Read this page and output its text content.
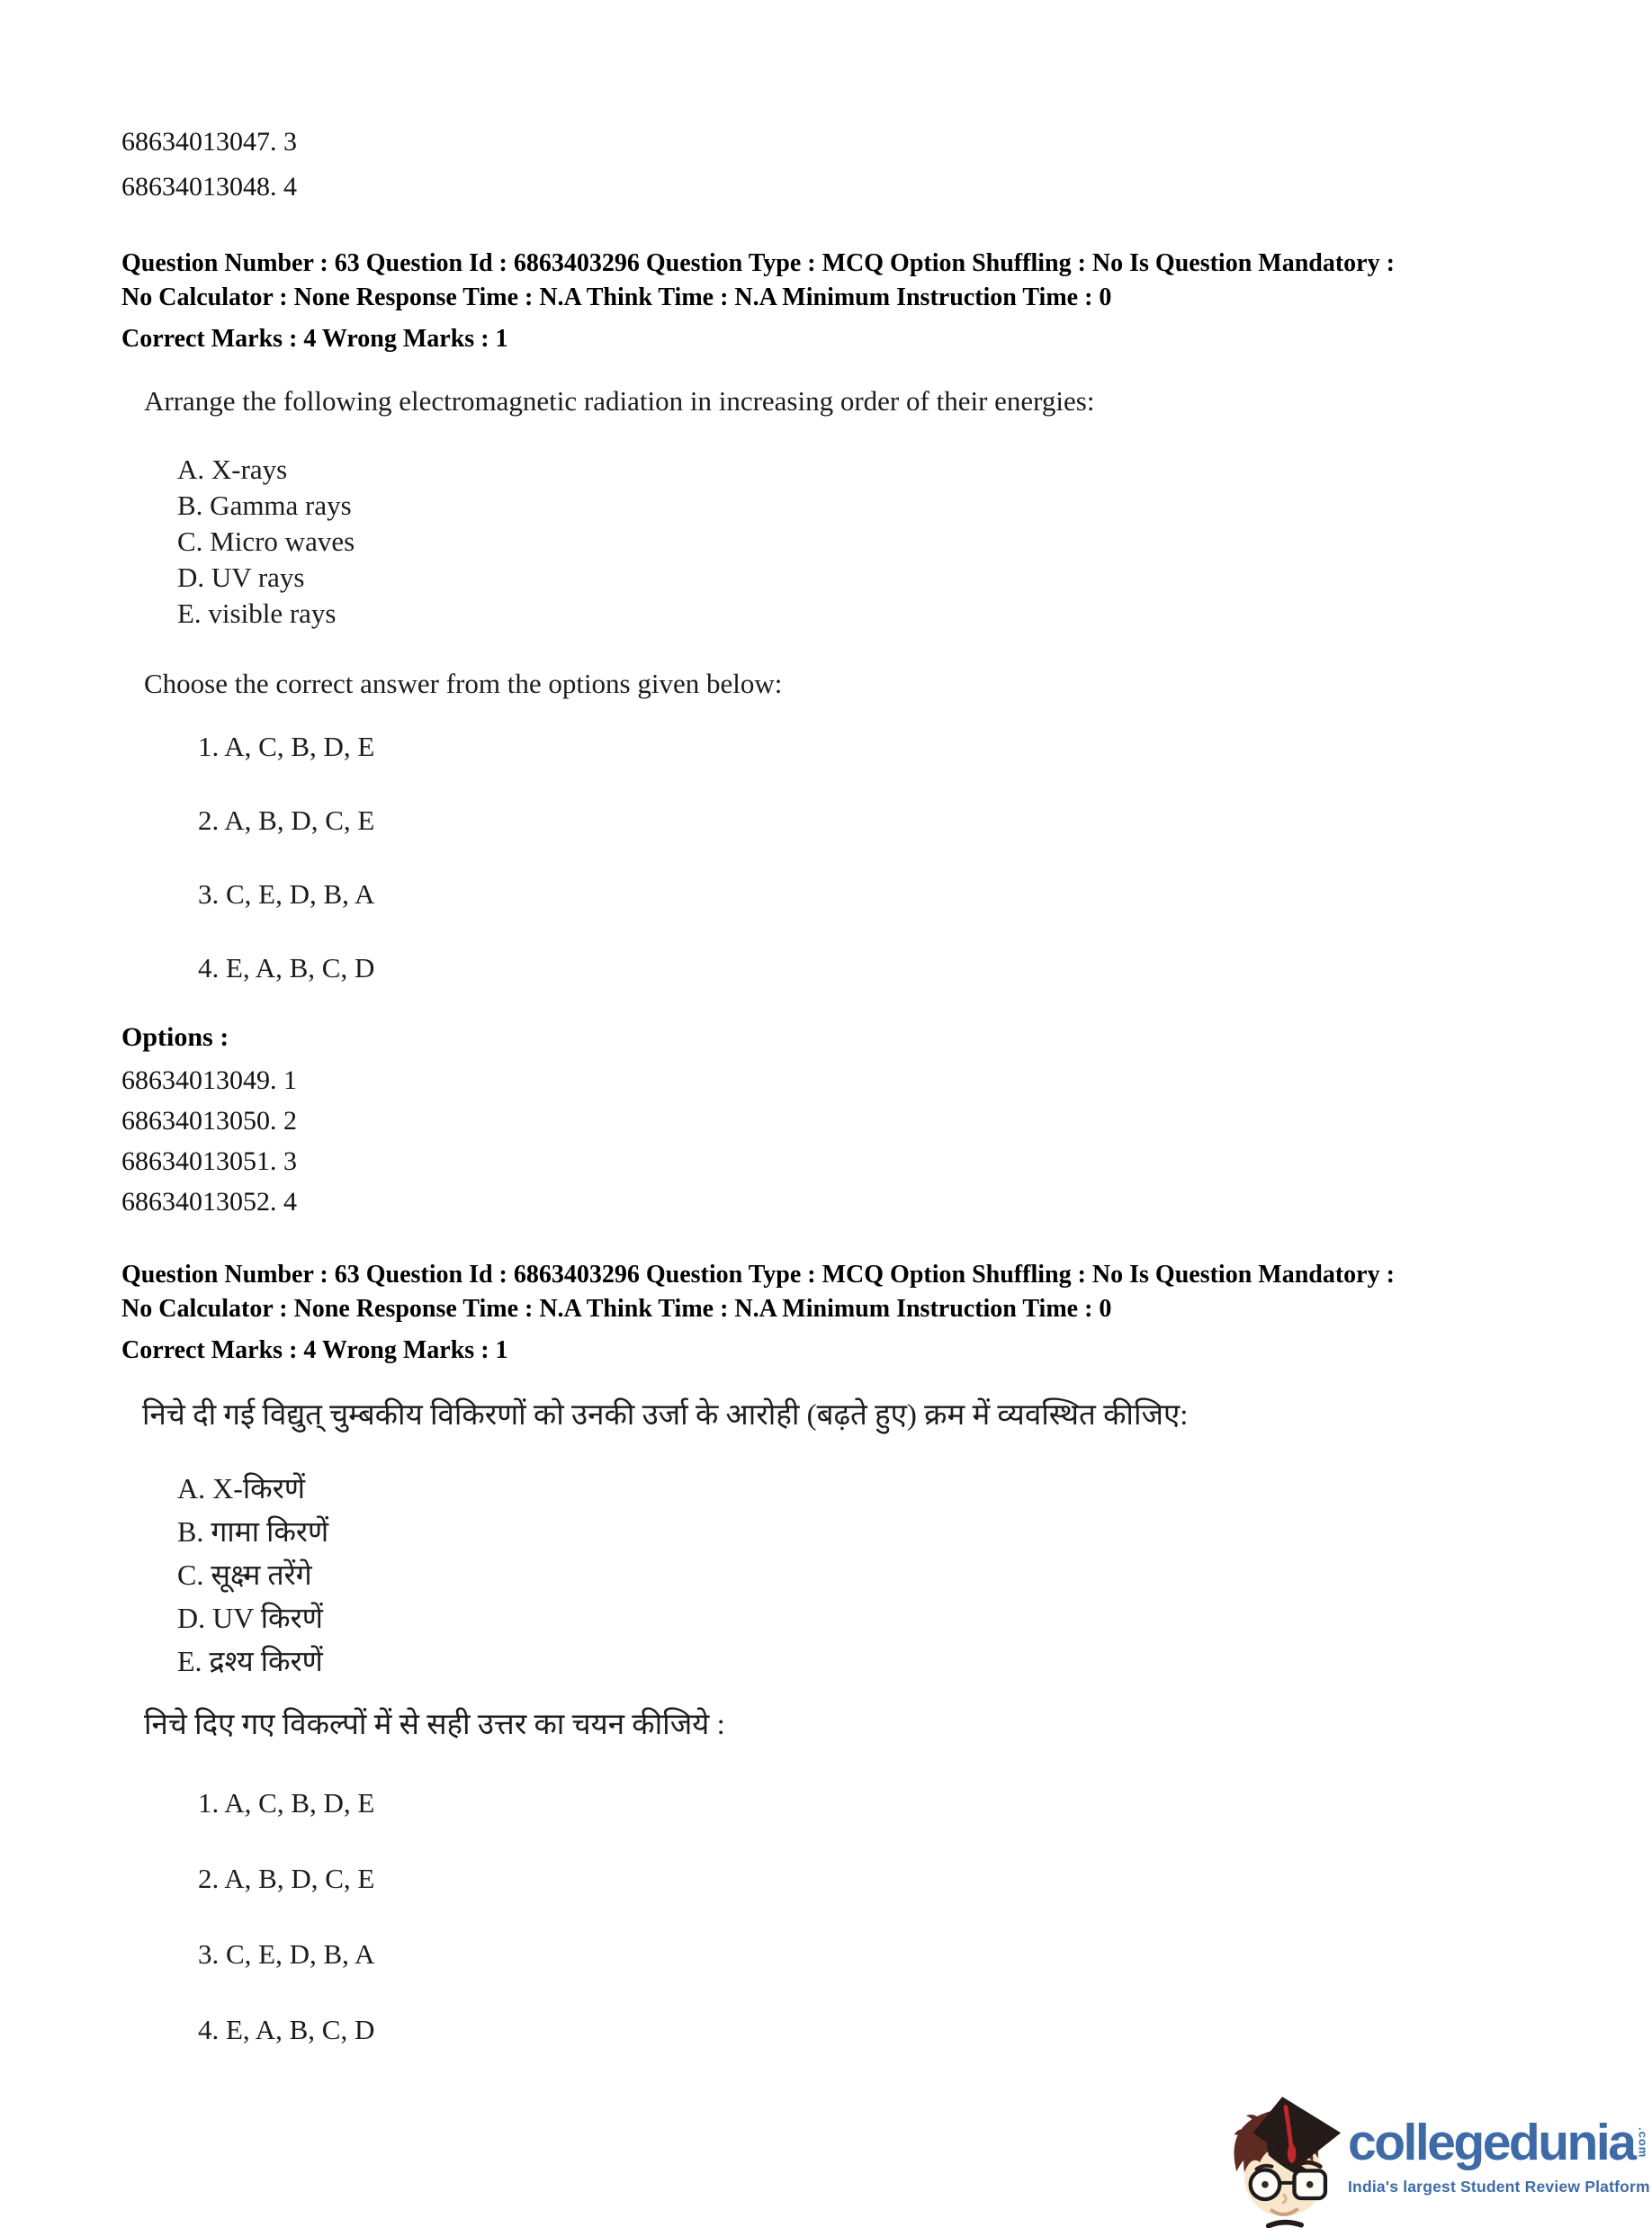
68634013047. 3
68634013048. 4
Question Number : 63 Question Id : 6863403296 Question Type : MCQ Option Shuffling : No Is Question Mandatory :
No Calculator : None Response Time : N.A Think Time : N.A Minimum Instruction Time : 0
Correct Marks : 4 Wrong Marks : 1
Arrange the following electromagnetic radiation in increasing order of their energies:
A. X-rays
B. Gamma rays
C. Micro waves
D. UV rays
E. visible rays
Choose the correct answer from the options given below:
1. A, C, B, D, E
2. A, B, D, C, E
3. C, E, D, B, A
4. E, A, B, C, D
Options :
68634013049. 1
68634013050. 2
68634013051. 3
68634013052. 4
Question Number : 63 Question Id : 6863403296 Question Type : MCQ Option Shuffling : No Is Question Mandatory :
No Calculator : None Response Time : N.A Think Time : N.A Minimum Instruction Time : 0
Correct Marks : 4 Wrong Marks : 1
निचे दी गई विद्युत् चुम्बकीय विकिरणों को उनकी उर्जा के आरोही (बढ़ते हुए) क्रम में व्यवस्थित कीजिए:
A. X-किरणें
B. गामा किरणें
C. सूक्ष्म तरेंगे
D. UV किरणें
E. द्रश्य किरणें
निचे दिए गए विकल्पों में से सही उत्तर का चयन कीजिये :
1. A, C, B, D, E
2. A, B, D, C, E
3. C, E, D, B, A
4. E, A, B, C, D
collegedunia .com
India's largest Student Review Platform
